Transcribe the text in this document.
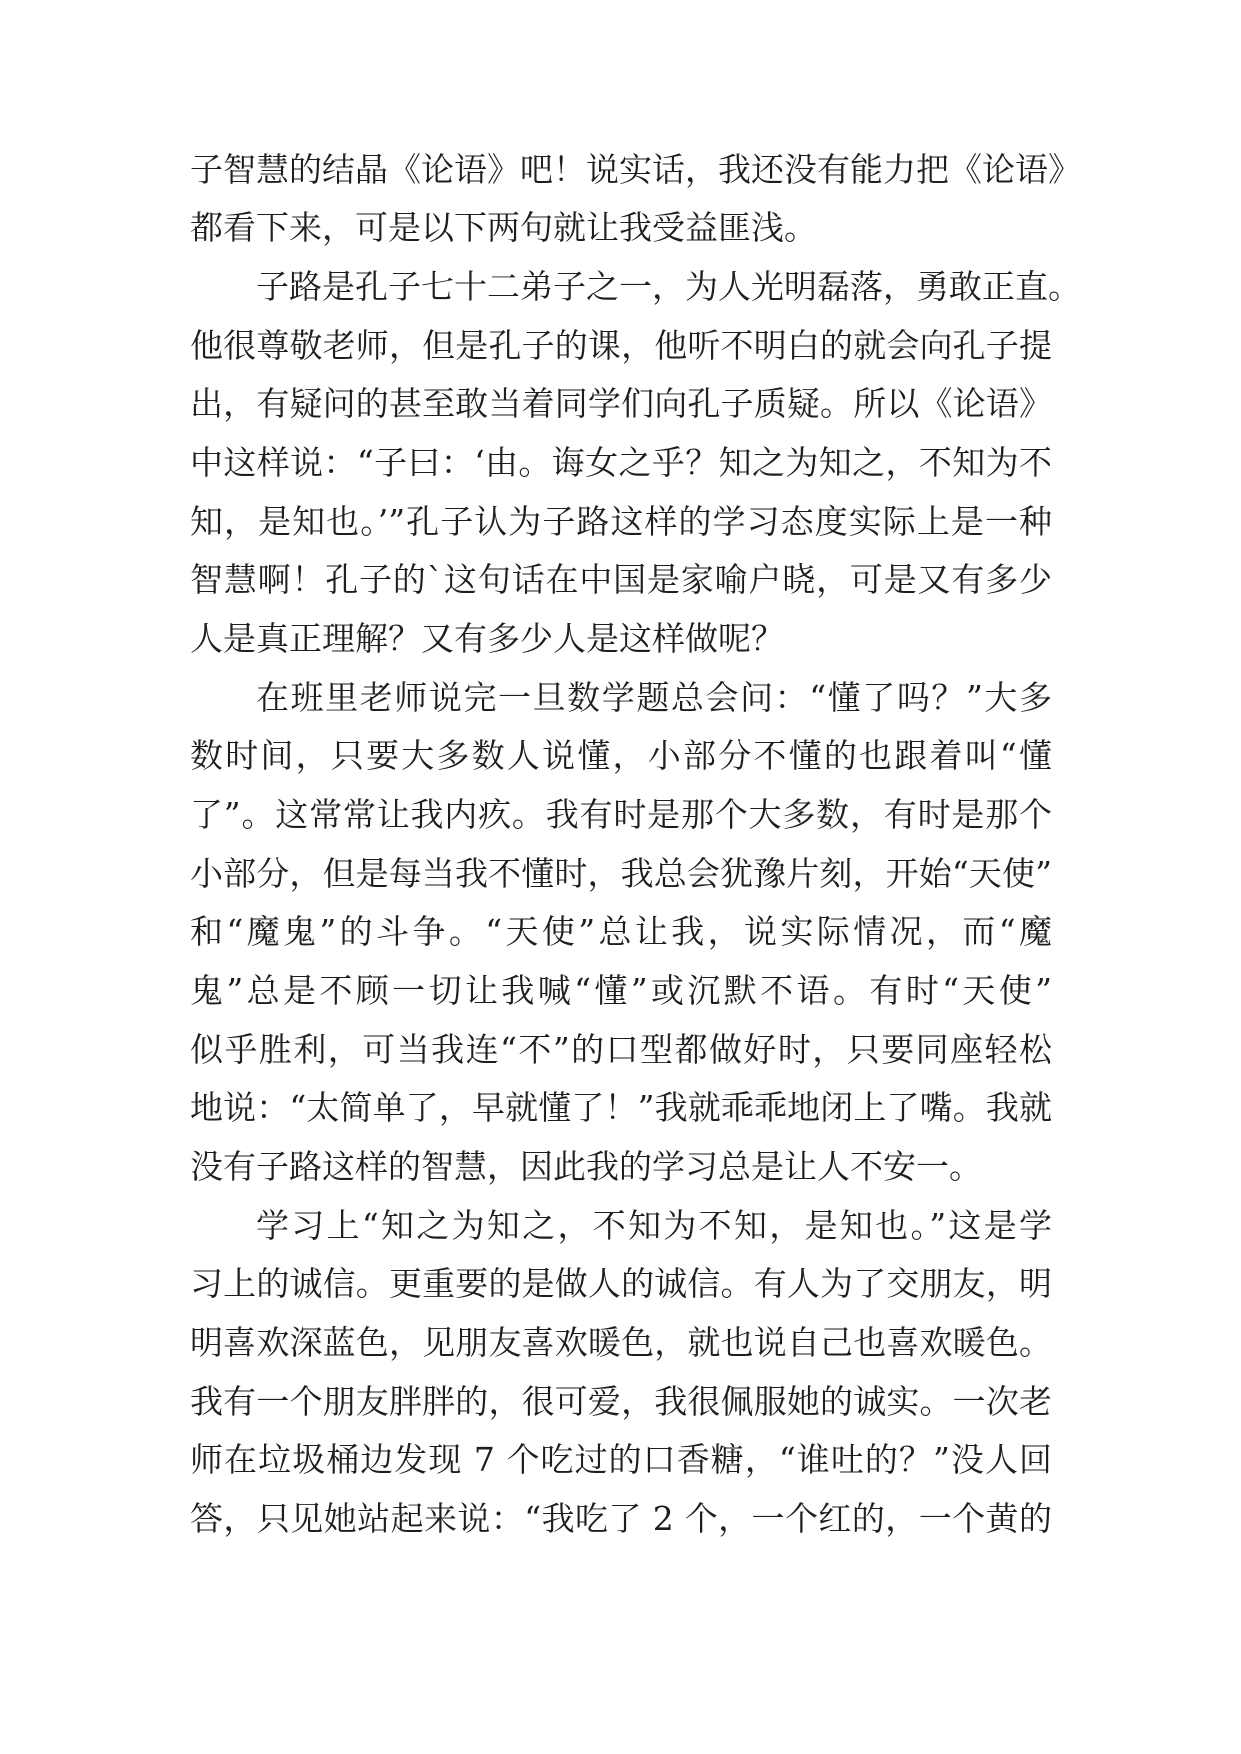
子智慧的结晶《论语》吧！说实话，我还没有能力把《论语》
都看下来，可是以下两句就让我受益匪浅。
子路是孔子七十二弟子之一，为人光明磊落，勇敢正直。
他很尊敬老师，但是孔子的课，他听不明白的就会向孔子提
出，有疑问的甚至敢当着同学们向孔子质疑。所以《论语》
中这样说：“子曰：‘由。诲女之乎？知之为知之，不知为不
知，是知也。’”孔子认为子路这样的学习态度实际上是一种
智慧啊！孔子的`这句话在中国是家喻户晓，可是又有多少
人是真正理解？又有多少人是这样做呢？
在班里老师说完一旦数学题总会问：“懂了吗？”大多
数时间，只要大多数人说懂，小部分不懂的也跟着叫“懂
了”。这常常让我内疚。我有时是那个大多数，有时是那个
小部分，但是每当我不懂时，我总会犹豫片刻，开始“天使”
和“魔鬼”的斗争。“天使”总让我，说实际情况，而“魔
鬼”总是不顾一切让我喊“懂”或沉默不语。有时“天使”
似乎胜利，可当我连“不”的口型都做好时，只要同座轻松
地说：“太简单了，早就懂了！”我就乖乖地闭上了嘴。我就
没有子路这样的智慧，因此我的学习总是让人不安一。
学习上“知之为知之，不知为不知，是知也。”这是学
习上的诚信。更重要的是做人的诚信。有人为了交朋友，明
明喜欢深蓝色，见朋友喜欢暖色，就也说自己也喜欢暖色。
我有一个朋友胖胖的，很可爱，我很佩服她的诚实。一次老
师在垃圾桶边发现 7 个吃过的口香糖，“谁吐的？”没人回
答，只见她站起来说：“我吃了 2 个，一个红的，一个黄的
